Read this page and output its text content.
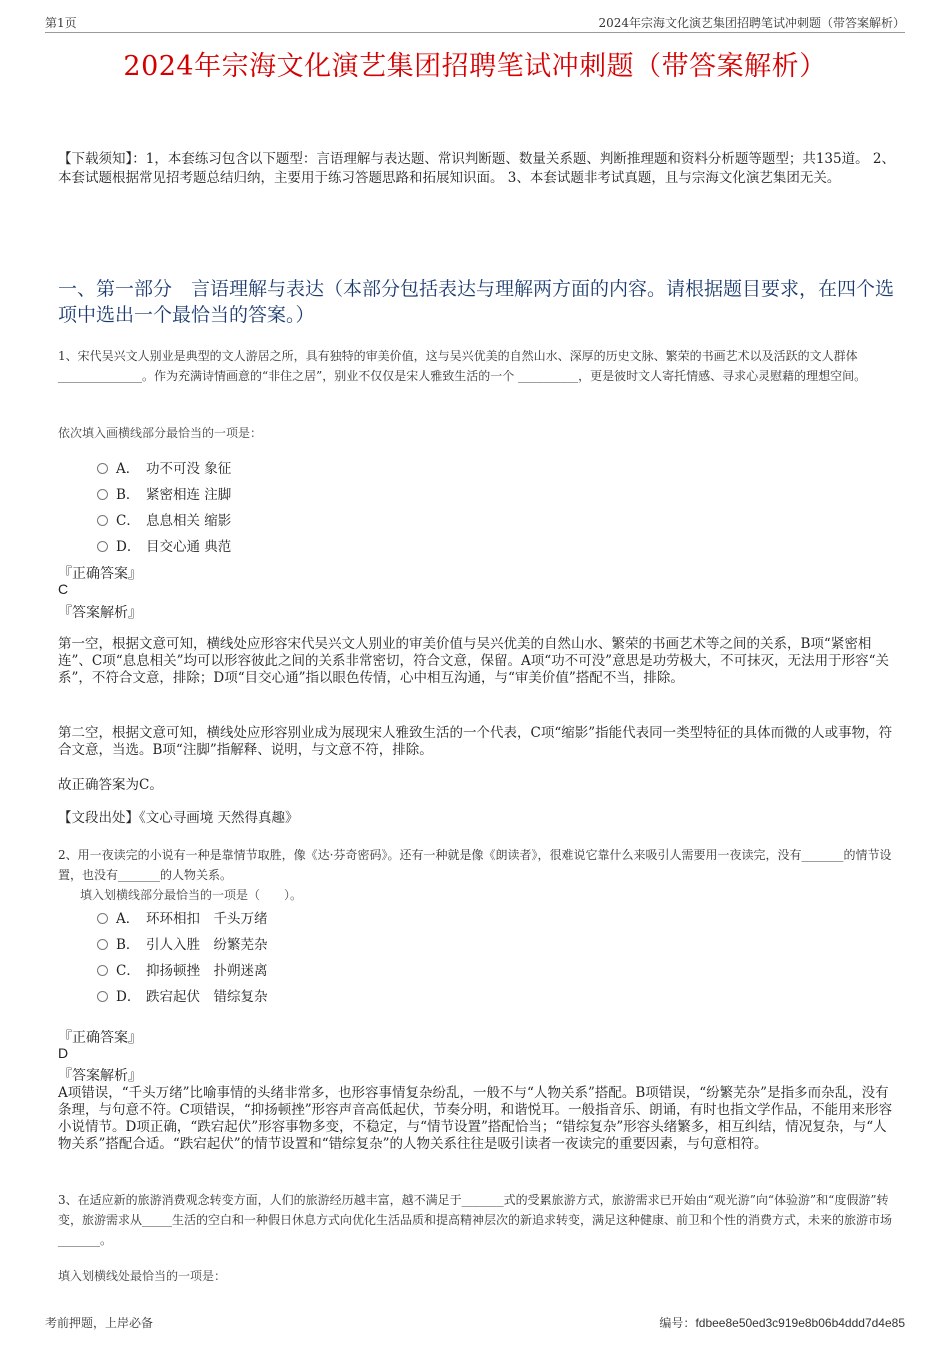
第1页	2024年宗海文化演艺集团招聘笔试冲刺题（带答案解析）
2024年宗海文化演艺集团招聘笔试冲刺题（带答案解析）

【下载须知】：1，本套练习包含以下题型：言语理解与表达题、常识判断题、数量关系题、判断推理题和资料分析题等题型；共135道。 2、本套试题根据常见招考题总结归纳，主要用于练习答题思路和拓展知识面。 3、本套试题非考试真题，且与宗海文化演艺集团无关。

一、第一部分　言语理解与表达（本部分包括表达与理解两方面的内容。请根据题目要求，在四个选项中选出一个最恰当的答案。）

1、宋代吴兴文人别业是典型的文人游居之所，具有独特的审美价值，这与吴兴优美的自然山水、深厚的历史文脉、繁荣的书画艺术以及活跃的文人群体 ______________。作为充满诗情画意的“非住之居”，别业不仅仅是宋人雅致生活的一个 __________，更是彼时文人寄托情感、寻求心灵慰藉的理想空间。

依次填入画横线部分最恰当的一项是：

A． 功不可没 象征
B． 紧密相连 注脚
C． 息息相关 缩影
D． 目交心通 典范

『正确答案』

C

『答案解析』

第一空，根据文意可知，横线处应形容宋代吴兴文人别业的审美价值与吴兴优美的自然山水、繁荣的书画艺术等之间的关系，B项“紧密相连”、C项“息息相关”均可以形容彼此之间的关系非常密切，符合文意，保留。A项“功不可没”意思是功劳极大，不可抹灭，无法用于形容“关系”，不符合文意，排除；D项“目交心通”指以眼色传情，心中相互沟通，与“审美价值”搭配不当，排除。

第二空，根据文意可知，横线处应形容别业成为展现宋人雅致生活的一个代表，C项“缩影”指能代表同一类型特征的具体而微的人或事物，符合文意，当选。B项“注脚”指解释、说明，与文意不符，排除。

故正确答案为C。

【文段出处】《文心寻画境 天然得真趣》

2、用一夜读完的小说有一种是靠情节取胜，像《达·芬奇密码》。还有一种就是像《朗读者》，很难说它靠什么来吸引人需要用一夜读完，没有_______的情节设置，也没有_______的人物关系。

填入划横线部分最恰当的一项是（　　）。

A． 环环相扣　千头万绪
B． 引人入胜　纷繁芜杂
C． 抑扬顿挫　扑朔迷离
D． 跌宕起伏　错综复杂

『正确答案』

D

『答案解析』

A项错误，“千头万绪”比喻事情的头绪非常多，也形容事情复杂纷乱，一般不与“人物关系”搭配。B项错误，“纷繁芜杂”是指多而杂乱，没有条理，与句意不符。C项错误，“抑扬顿挫”形容声音高低起伏，节奏分明，和谐悦耳。一般指音乐、朗诵，有时也指文学作品，不能用来形容小说情节。D项正确，“跌宕起伏”形容事物多变，不稳定，与“情节设置”搭配恰当；“错综复杂”形容头绪繁多，相互纠结，情况复杂，与“人物关系”搭配合适。“跌宕起伏”的情节设置和“错综复杂”的人物关系往往是吸引读者一夜读完的重要因素，与句意相符。

3、在适应新的旅游消费观念转变方面，人们的旅游经历越丰富，越不满足于_______式的受累旅游方式，旅游需求已开始由“观光游”向“体验游”和“度假游”转变，旅游需求从_____生活的空白和一种假日休息方式向优化生活品质和提高精神层次的新追求转变，满足这种健康、前卫和个性的消费方式，未来的旅游市场_______。

填入划横线处最恰当的一项是：

考前押题，上岸必备	编号：fdbee8e50ed3c919e8b06b4ddd7d4e85
